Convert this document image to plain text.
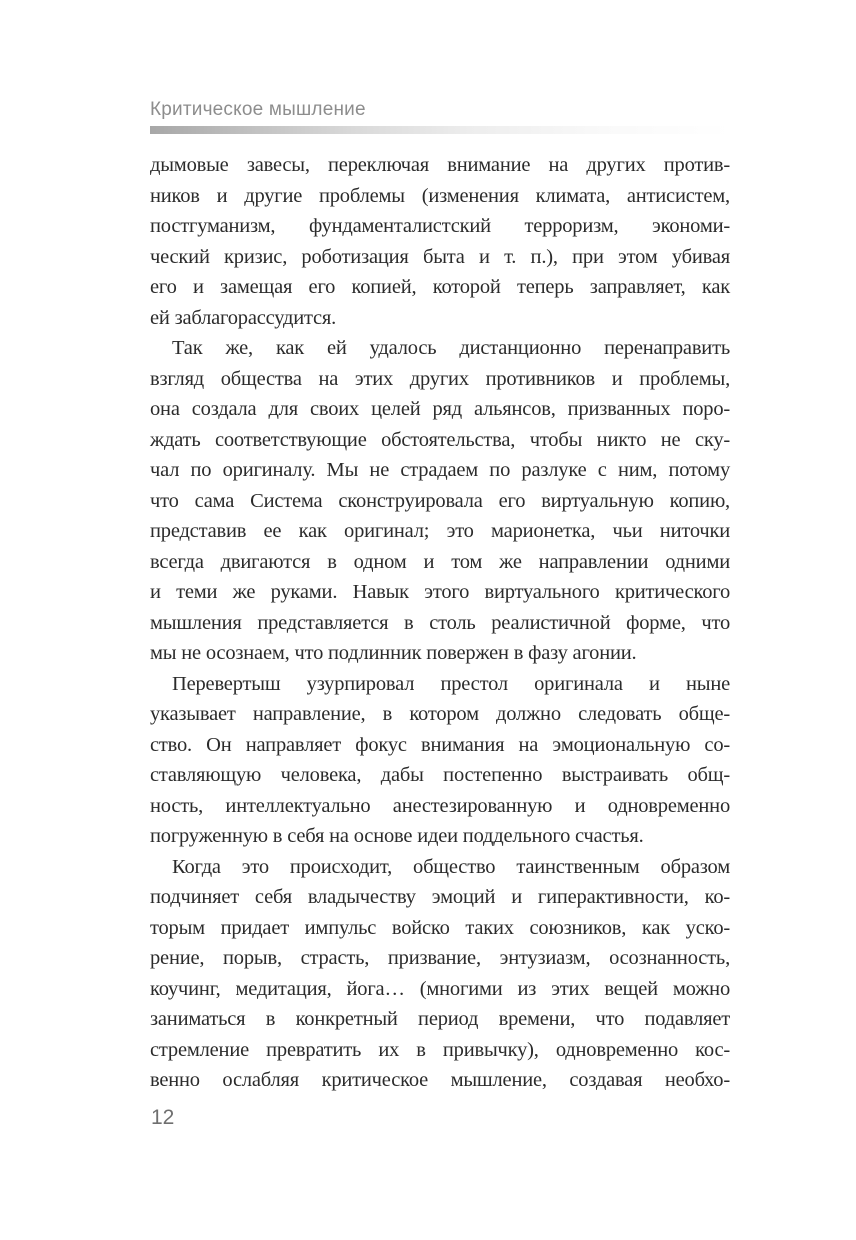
Критическое мышление
дымовые завесы, переключая внимание на других против-
ников и другие проблемы (изменения климата, антисистем,
постгуманизм, фундаменталистский терроризм, экономи-
ческий кризис, роботизация быта и т. п.), при этом убивая
его и замещая его копией, которой теперь заправляет, как
ей заблагорассудится.
Так же, как ей удалось дистанционно перенаправить
взгляд общества на этих других противников и проблемы,
она создала для своих целей ряд альянсов, призванных поро-
ждать соответствующие обстоятельства, чтобы никто не ску-
чал по оригиналу. Мы не страдаем по разлуке с ним, потому
что сама Система сконструировала его виртуальную копию,
представив ее как оригинал; это марионетка, чьи ниточки
всегда двигаются в одном и том же направлении одними
и теми же руками. Навык этого виртуального критического
мышления представляется в столь реалистичной форме, что
мы не осознаем, что подлинник повержен в фазу агонии.
Перевертыш узурпировал престол оригинала и ныне
указывает направление, в котором должно следовать обще-
ство. Он направляет фокус внимания на эмоциональную со-
ставляющую человека, дабы постепенно выстраивать общ-
ность, интеллектуально анестезированную и одновременно
погруженную в себя на основе идеи поддельного счастья.
Когда это происходит, общество таинственным образом
подчиняет себя владычеству эмоций и гиперактивности, ко-
торым придает импульс войско таких союзников, как уско-
рение, порыв, страсть, призвание, энтузиазм, осознанность,
коучинг, медитация, йога… (многими из этих вещей можно
заниматься в конкретный период времени, что подавляет
стремление превратить их в привычку), одновременно кос-
венно ослабляя критическое мышление, создавая необхо-
12
